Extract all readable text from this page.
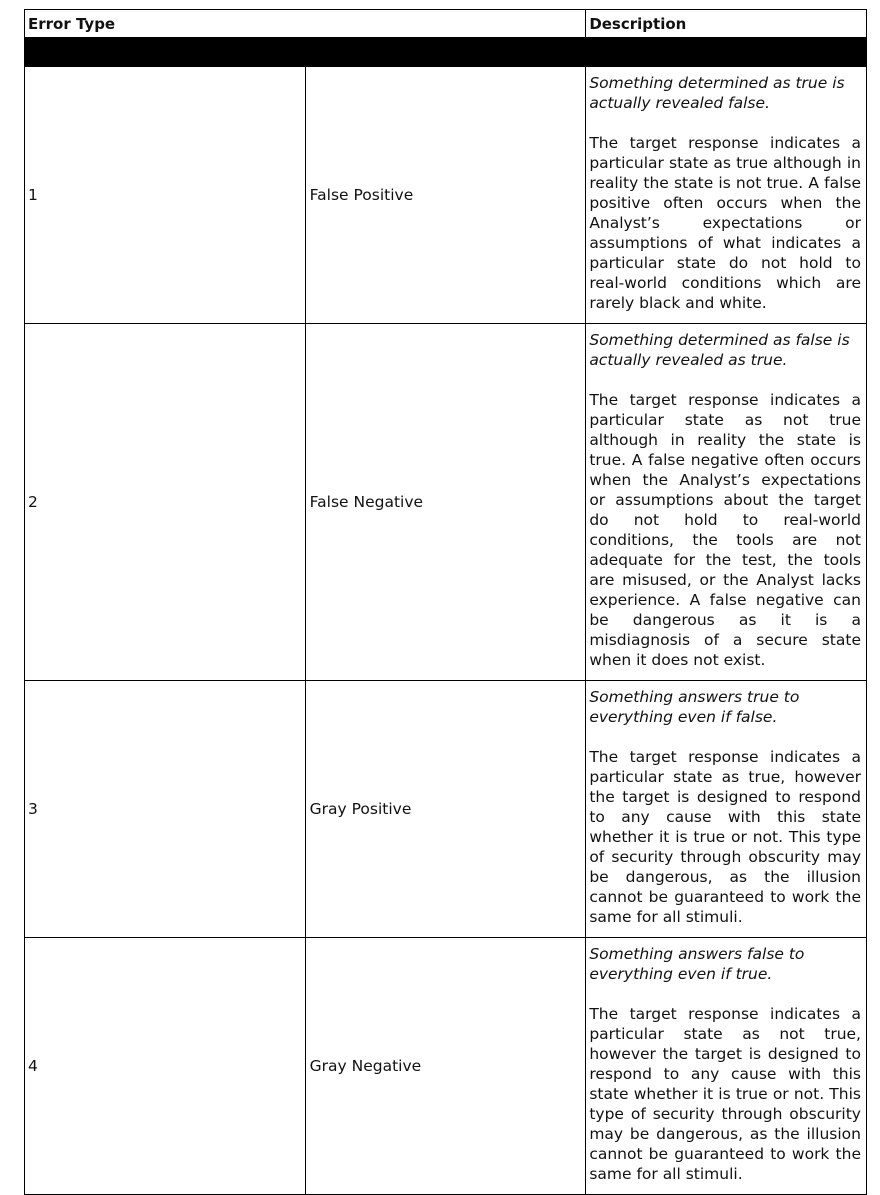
Error Type		Description

1	False Positive	Something determined as true is actually revealed false.

The target response indicates a particular state as true although in reality the state is not true. A false positive often occurs when the Analyst’s expectations or assumptions of what indicates a particular state do not hold to real-world conditions which are rarely black and white.

2	False Negative	Something determined as false is actually revealed as true.

The target response indicates a particular state as not true although in reality the state is true. A false negative often occurs when the Analyst’s expectations or assumptions about the target do not hold to real-world conditions, the tools are not adequate for the test, the tools are misused, or the Analyst lacks experience. A false negative can be dangerous as it is a misdiagnosis of a secure state when it does not exist.

3	Gray Positive	Something answers true to everything even if false.

The target response indicates a particular state as true, however the target is designed to respond to any cause with this state whether it is true or not. This type of security through obscurity may be dangerous, as the illusion cannot be guaranteed to work the same for all stimuli.

4	Gray Negative	Something answers false to everything even if true.

The target response indicates a particular state as not true, however the target is designed to respond to any cause with this state whether it is true or not. This type of security through obscurity may be dangerous, as the illusion cannot be guaranteed to work the same for all stimuli.
